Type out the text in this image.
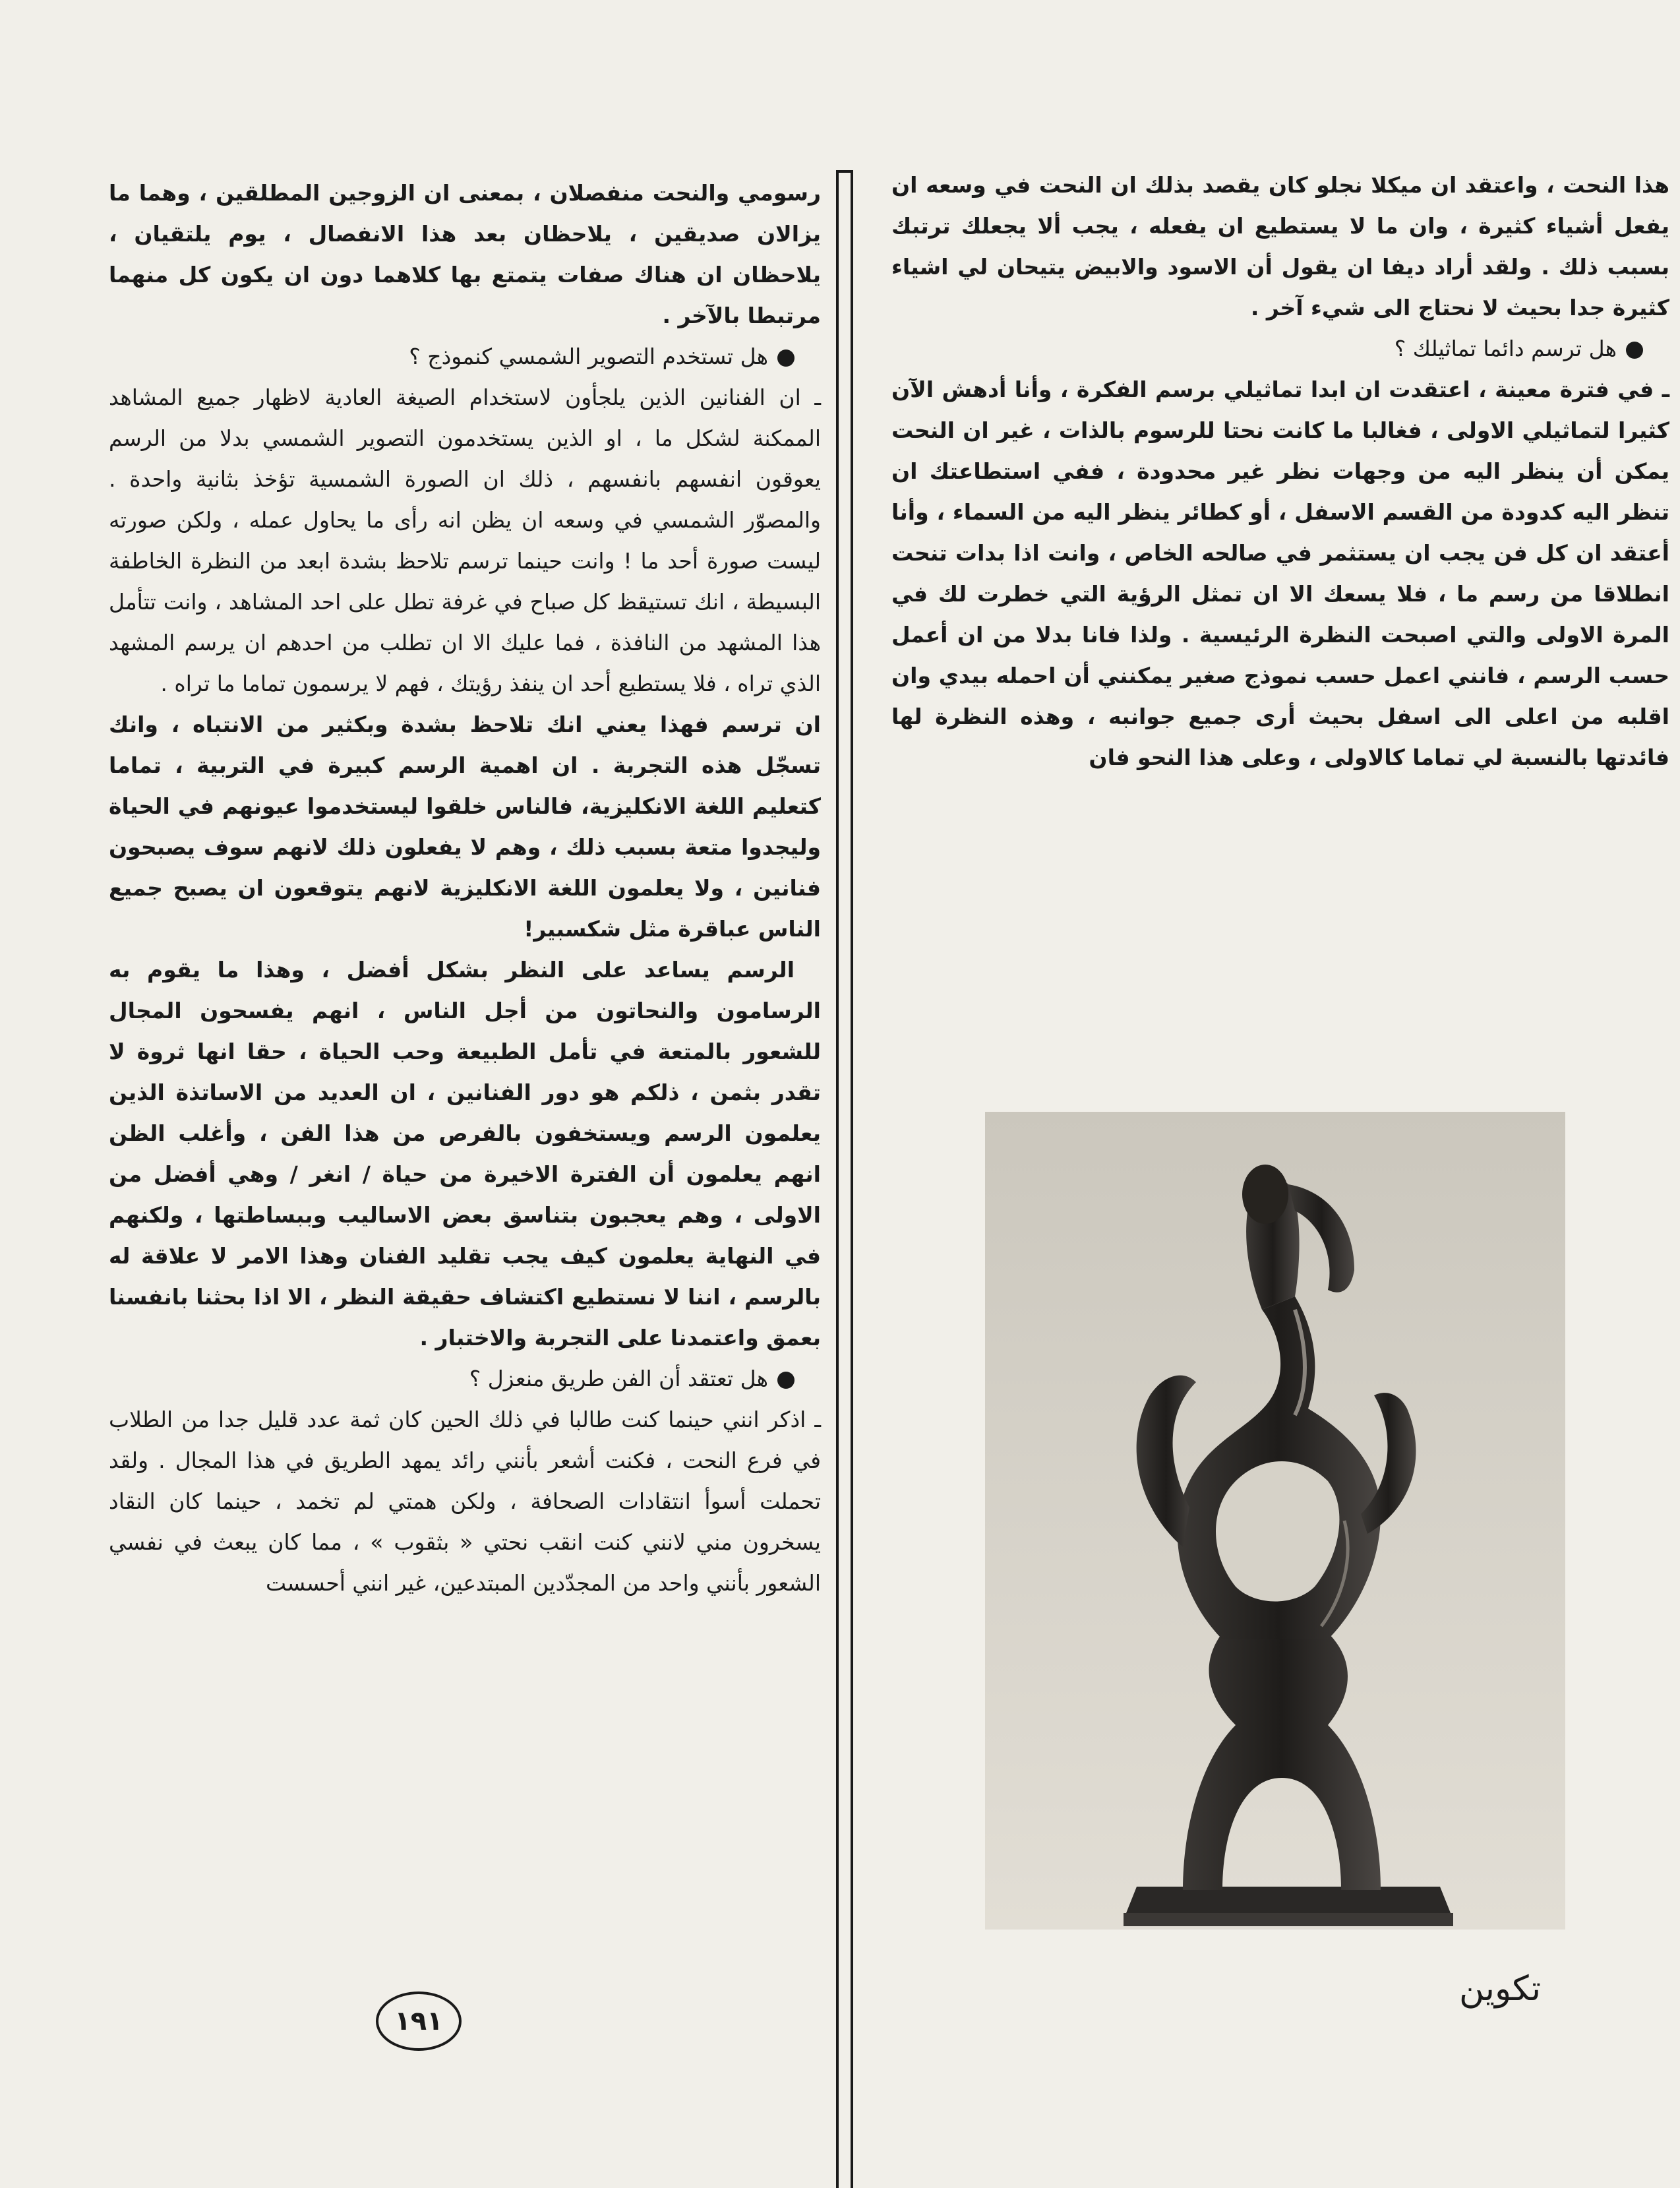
هذا النحت ، واعتقد ان ميكلا نجلو كان يقصد بذلك ان النحت في وسعه ان يفعل أشياء كثيرة ، وان ما لا يستطيع ان يفعله ، يجب ألا يجعلك ترتبك بسبب ذلك . ولقد أراد ديفا ان يقول أن الاسود والابيض يتيحان لي اشياء كثيرة جدا بحيث لا نحتاج الى شيء آخر .

هل ترسم دائما تماثيلك ؟

ـ في فترة معينة ، اعتقدت ان ابدا تماثيلي برسم الفكرة ، وأنا أدهش الآن كثيرا لتماثيلي الاولى ، فغالبا ما كانت نحتا للرسوم بالذات ، غير ان النحت يمكن أن ينظر اليه من وجهات نظر غير محدودة ، ففي استطاعتك ان تنظر اليه كدودة من القسم الاسفل ، أو كطائر ينظر اليه من السماء ، وأنا أعتقد ان كل فن يجب ان يستثمر في صالحه الخاص ، وانت اذا بدات تنحت انطلاقا من رسم ما ، فلا يسعك الا ان تمثل الرؤية التي خطرت لك في المرة الاولى والتي اصبحت النظرة الرئيسية . ولذا فانا بدلا من ان أعمل حسب الرسم ، فانني اعمل حسب نموذج صغير يمكنني أن احمله بيدي وان اقلبه من اعلى الى اسفل بحيث أرى جميع جوانبه ، وهذه النظرة لها فائدتها بالنسبة لي تماما كالاولى ، وعلى هذا النحو فان

رسومي والنحت منفصلان ، بمعنى ان الزوجين المطلقين ، وهما ما يزالان صديقين ، يلاحظان بعد هذا الانفصال ، يوم يلتقيان ، يلاحظان ان هناك صفات يتمتع بها كلاهما دون ان يكون كل منهما مرتبطا بالآخر .

هل تستخدم التصوير الشمسي كنموذج ؟

ـ ان الفنانين الذين يلجأون لاستخدام الصيغة العادية لاظهار جميع المشاهد الممكنة لشكل ما ، او الذين يستخدمون التصوير الشمسي بدلا من الرسم يعوقون انفسهم بانفسهم ، ذلك ان الصورة الشمسية تؤخذ بثانية واحدة . والمصوّر الشمسي في وسعه ان يظن انه رأى ما يحاول عمله ، ولكن صورته ليست صورة أحد ما ! وانت حينما ترسم تلاحظ بشدة ابعد من النظرة الخاطفة البسيطة ، انك تستيقظ كل صباح في غرفة تطل على احد المشاهد ، وانت تتأمل هذا المشهد من النافذة ، فما عليك الا ان تطلب من احدهم ان يرسم المشهد الذي تراه ، فلا يستطيع أحد ان ينفذ رؤيتك ، فهم لا يرسمون تماما ما تراه .

ان ترسم فهذا يعني انك تلاحظ بشدة وبكثير من الانتباه ، وانك تسجّل هذه التجربة . ان اهمية الرسم كبيرة في التربية ، تماما كتعليم اللغة الانكليزية، فالناس خلقوا ليستخدموا عيونهم في الحياة وليجدوا متعة بسبب ذلك ، وهم لا يفعلون ذلك لانهم سوف يصبحون فنانين ، ولا يعلمون اللغة الانكليزية لانهم يتوقعون ان يصبح جميع الناس عباقرة مثل شكسبير!

الرسم يساعد على النظر بشكل أفضل ، وهذا ما يقوم به الرسامون والنحاتون من أجل الناس ، انهم يفسحون المجال للشعور بالمتعة في تأمل الطبيعة وحب الحياة ، حقا انها ثروة لا تقدر بثمن ، ذلكم هو دور الفنانين ، ان العديد من الاساتذة الذين يعلمون الرسم ويستخفون بالفرص من هذا الفن ، وأغلب الظن انهم يعلمون أن الفترة الاخيرة من حياة / انغر / وهي أفضل من الاولى ، وهم يعجبون بتناسق بعض الاساليب وببساطتها ، ولكنهم في النهاية يعلمون كيف يجب تقليد الفنان وهذا الامر لا علاقة له بالرسم ، اننا لا نستطيع اكتشاف حقيقة النظر ، الا اذا بحثنا بانفسنا بعمق واعتمدنا على التجربة والاختبار .

هل تعتقد أن الفن طريق منعزل ؟

ـ اذكر انني حينما كنت طالبا في ذلك الحين كان ثمة عدد قليل جدا من الطلاب في فرع النحت ، فكنت أشعر بأنني رائد يمهد الطريق في هذا المجال . ولقد تحملت أسوأ انتقادات الصحافة ، ولكن همتي لم تخمد ، حينما كان النقاد يسخرون مني لانني كنت انقب نحتي « بثقوب » ، مما كان يبعث في نفسي الشعور بأنني واحد من المجدّدين المبتدعين، غير انني أحسست

١٩١
تكوين
